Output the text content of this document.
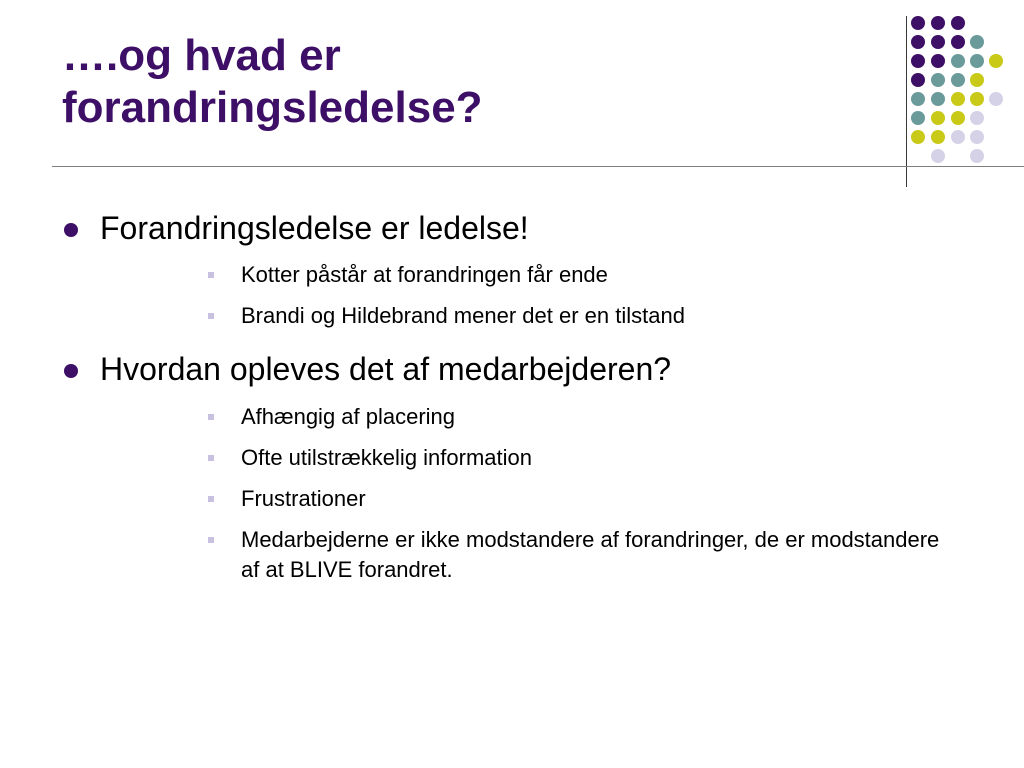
….og hvad er
forandringsledelse?
Forandringsledelse er ledelse!
Kotter påstår at forandringen får ende
Brandi og Hildebrand mener det er en tilstand
Hvordan opleves det af medarbejderen?
Afhængig af placering
Ofte utilstrækkelig information
Frustrationer
Medarbejderne er ikke modstandere af forandringer, de er modstandere af at BLIVE forandret.
